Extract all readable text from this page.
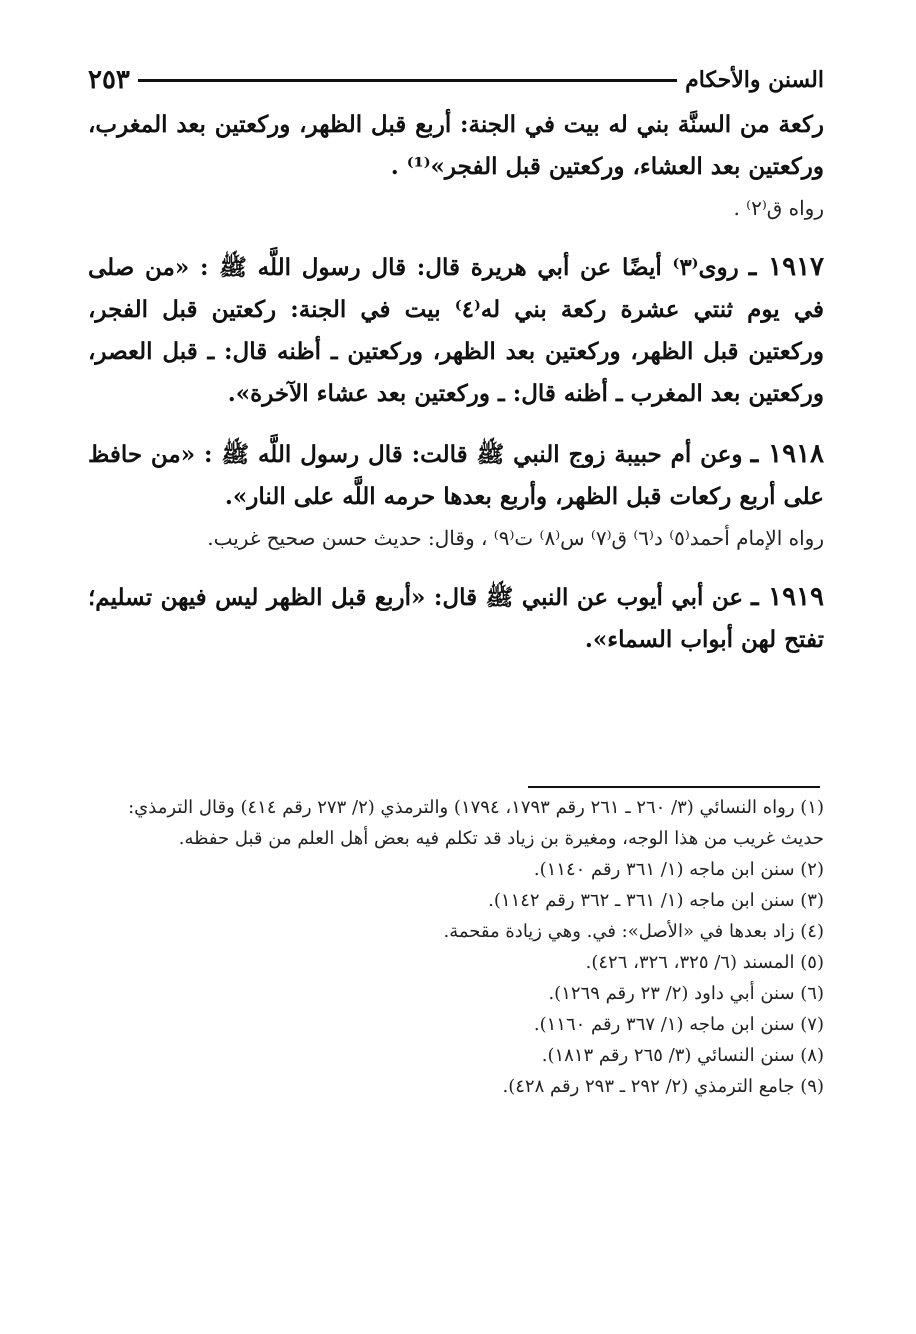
٢٥٣	السنن والأحكام

ركعة من السنَّة بني له بيت في الجنة: أربع قبل الظهر، وركعتين بعد المغرب، وركعتين بعد العشاء، وركعتين قبل الفجر»⁽¹⁾ .

رواه ق⁽٢⁾ .

١٩١٧ ـ روى⁽٣⁾ أيضًا عن أبي هريرة قال: قال رسول اللَّه ﷺ : «من صلى في يوم ثنتي عشرة ركعة بني له⁽٤⁾ بيت في الجنة: ركعتين قبل الفجر، وركعتين قبل الظهر، وركعتين بعد الظهر، وركعتين ـ أظنه قال: ـ قبل العصر، وركعتين بعد المغرب ـ أظنه قال: ـ وركعتين بعد عشاء الآخرة».

١٩١٨ ـ وعن أم حبيبة زوج النبي ﷺ قالت: قال رسول اللَّه ﷺ : «من حافظ على أربع ركعات قبل الظهر، وأربع بعدها حرمه اللَّه على النار».

رواه الإمام أحمد⁽٥⁾ د⁽٦⁾ ق⁽٧⁾ س⁽٨⁾ ت⁽٩⁾ ، وقال: حديث حسن صحيح غريب.

١٩١٩ ـ عن أبي أيوب عن النبي ﷺ قال: «أربع قبل الظهر ليس فيهن تسليم؛ تفتح لهن أبواب السماء».

(١) رواه النسائي (٣/ ٢٦٠ ـ ٢٦١ رقم ١٧٩٣، ١٧٩٤) والترمذي (٢/ ٢٧٣ رقم ٤١٤) وقال الترمذي: حديث غريب من هذا الوجه، ومغيرة بن زياد قد تكلم فيه بعض أهل العلم من قبل حفظه.

(٢) سنن ابن ماجه (١/ ٣٦١ رقم ١١٤٠).

(٣) سنن ابن ماجه (١/ ٣٦١ ـ ٣٦٢ رقم ١١٤٢).

(٤) زاد بعدها في «الأصل»: في. وهي زيادة مقحمة.

(٥) المسند (٦/ ٣٢٥، ٣٢٦، ٤٢٦).

(٦) سنن أبي داود (٢/ ٢٣ رقم ١٢٦٩).

(٧) سنن ابن ماجه (١/ ٣٦٧ رقم ١١٦٠).

(٨) سنن النسائي (٣/ ٢٦٥ رقم ١٨١٣).

(٩) جامع الترمذي (٢/ ٢٩٢ ـ ٢٩٣ رقم ٤٢٨).
